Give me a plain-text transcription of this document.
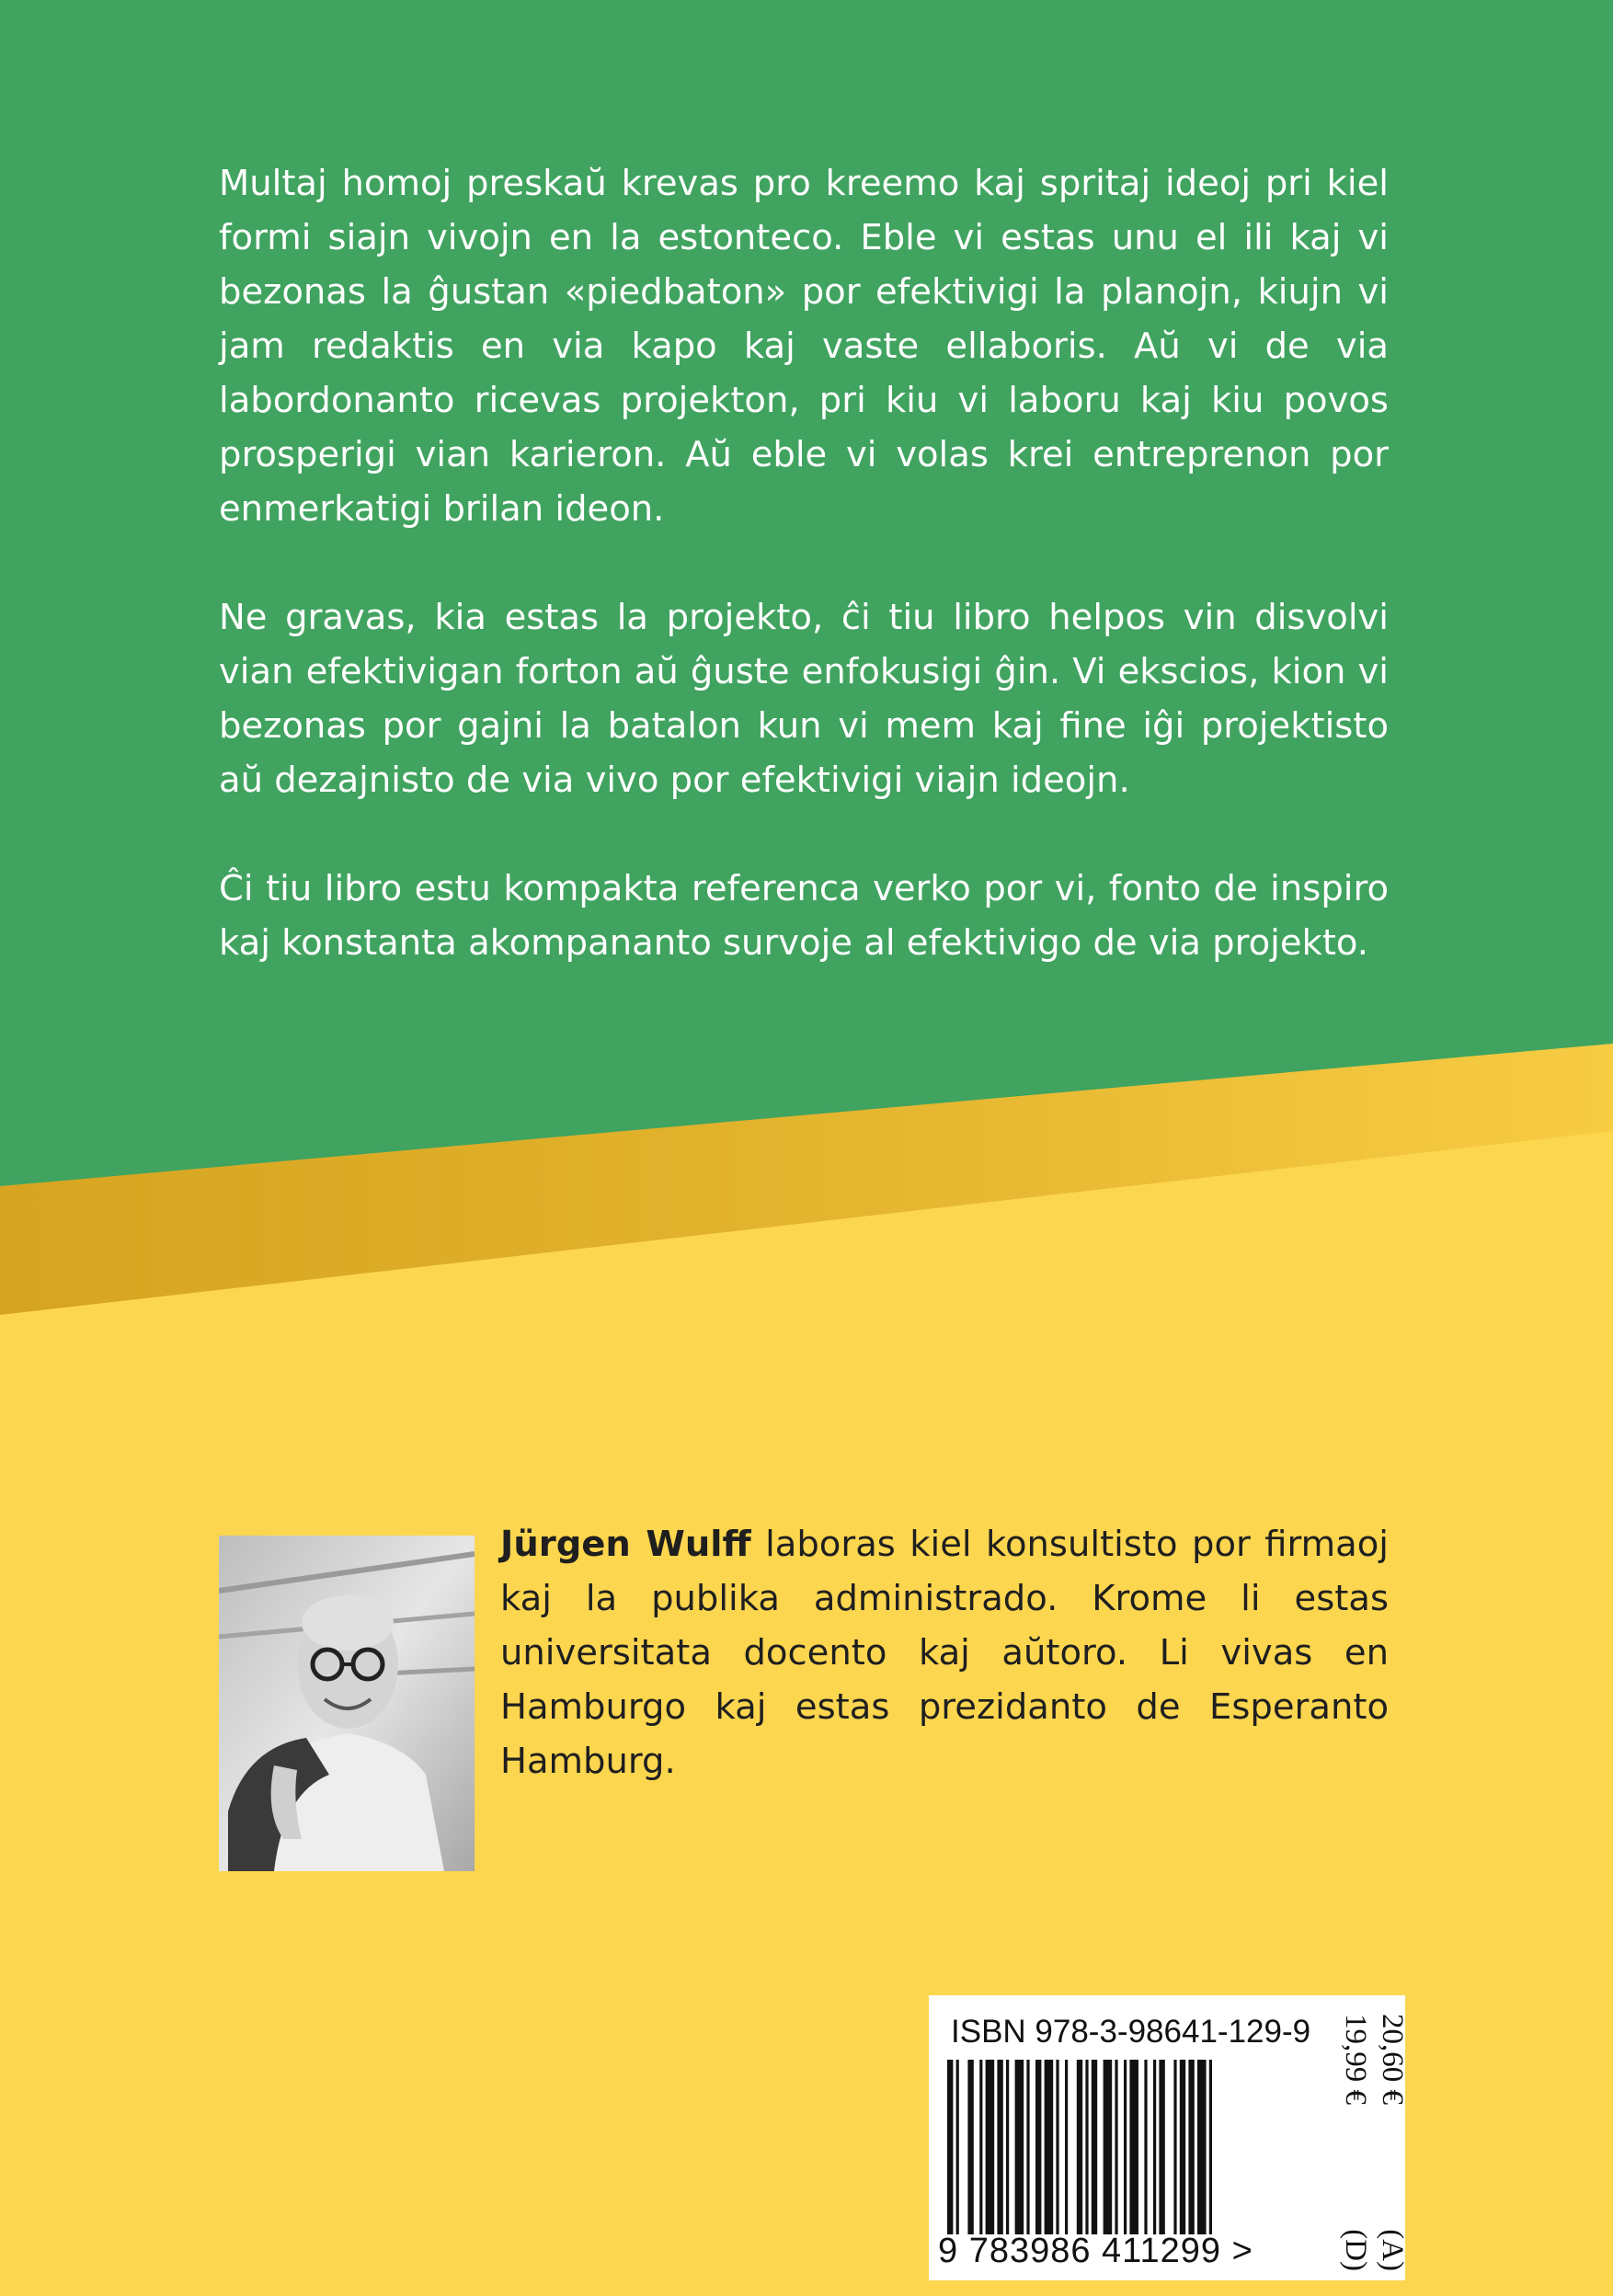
Multaj homoj preskaŭ krevas pro kreemo kaj spritaj ideoj pri kiel formi siajn vivojn en la estonteco. Eble vi estas unu el ili kaj vi bezonas la ĝustan «piedbaton» por efektivigi la planojn, kiujn vi jam redaktis en via kapo kaj vaste ellaboris. Aŭ vi de via labordonanto ricevas projekton, pri kiu vi laboru kaj kiu povos prosperigi vian karieron. Aŭ eble vi volas krei entreprenon por enmerkatigi brilan ideon.

Ne gravas, kia estas la projekto, ĉi tiu libro helpos vin disvolvi vian efektivigan forton aŭ ĝuste enfokusigi ĝin. Vi ekscios, kion vi bezonas por gajni la batalon kun vi mem kaj fine iĝi projektisto aŭ dezajnisto de via vivo por efektivigi viajn ideojn.

Ĉi tiu libro estu kompakta referenca verko por vi, fonto de inspiro kaj konstanta akompananto survoje al efektivigo de via projekto.

Jürgen Wulff laboras kiel konsultisto por firmaoj kaj la publika administrado. Krome li estas universitata docento kaj aŭtoro. Li vivas en Hamburgo kaj estas prezidanto de Esperanto Hamburg.

ISBN 978-3-98641-129-9
9 783986 411299 >
19,99 €
(D)
20,60 €
(A)
